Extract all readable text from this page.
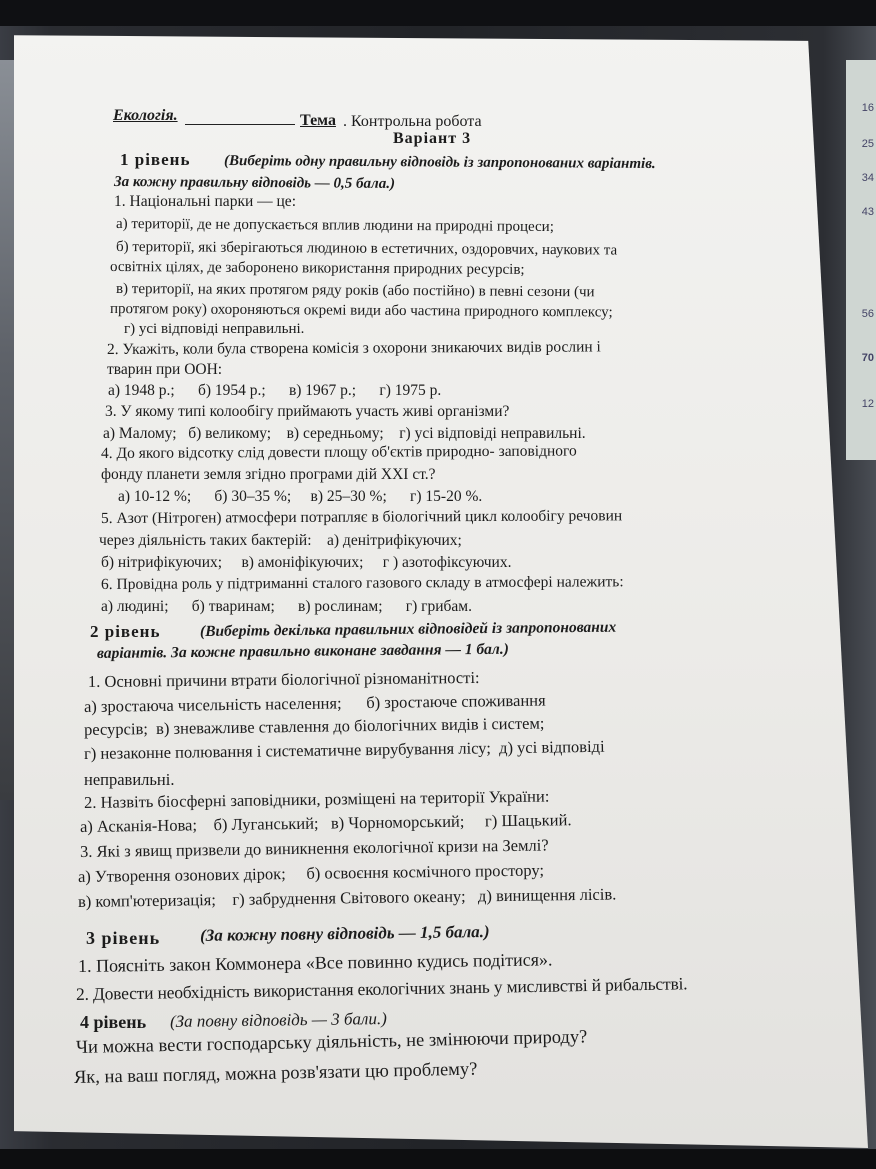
16
25
34
43
56
70
12
Екологія.	Тема . Контрольна робота
Варіант 3
1 рівень (Виберіть одну правильну відповідь із запропонованих варіантів.
За кожну правильну відповідь — 0,5 бала.)
1. Національні парки — це:
а) території, де не допускається вплив людини на природні процеси;
б) території, які зберігаються людиною в естетичних, оздоровчих, наукових та
освітніх цілях, де заборонено використання природних ресурсів;
в) території, на яких протягом ряду років (або постійно) в певні сезони (чи
протягом року) охороняються окремі види або частина природного комплексу;
г) усі відповіді неправильні.
2. Укажіть, коли була створена комісія з охорони зникаючих видів рослин і
тварин при ООН:
а) 1948 р.;      б) 1954 р.;      в) 1967 р.;      г) 1975 р.
3. У якому типі колообігу приймають участь живі організми?
а) Малому;   б) великому;    в) середньому;    г) усі відповіді неправильні.
4. До якого відсотку слід довести площу об'єктів природно- заповідного
фонду планети земля згідно програми дій XXI ст.?
а) 10-12 %;      б) 30–35 %;     в) 25–30 %;      г) 15-20 %.
5. Азот (Нітроген) атмосфери потрапляє в біологічний цикл колообігу речовин
через діяльність таких бактерій:    а) денітрифікуючих;
б) нітрифікуючих;     в) амоніфікуючих;     г ) азотофіксуючих.
6. Провідна роль у підтриманні сталого газового складу в атмосфері належить:
а) людині;      б) тваринам;      в) рослинам;      г) грибам.
2 рівень	(Виберіть декілька правильних відповідей із запропонованих
варіантів. За кожне правильно виконане завдання — 1 бал.)
1. Основні причини втрати біологічної різноманітності:
а) зростаюча чисельність населення;      б) зростаюче споживання
ресурсів;  в) зневажливе ставлення до біологічних видів і систем;
г) незаконне полювання і систематичне вирубування лісу;  д) усі відповіді
неправильні.
2. Назвіть біосферні заповідники, розміщені на території України:
а) Асканія-Нова;    б) Луганський;   в) Чорноморський;     г) Шацький.
3. Які з явищ призвели до виникнення екологічної кризи на Землі?
а) Утворення озонових дірок;     б) освоєння космічного простору;
в) комп'ютеризація;    г) забруднення Світового океану;   д) винищення лісів.
3 рівень (За кожну повну відповідь — 1,5 бала.)
1. Поясніть закон Коммонера «Все повинно кудись подітися».
2. Довести необхідність використання екологічних знань у мисливстві й рибальстві.
4 рівень (За повну відповідь — 3 бали.)
Чи можна вести господарську діяльність, не змінюючи природу?
Як, на ваш погляд, можна розв'язати цю проблему?
